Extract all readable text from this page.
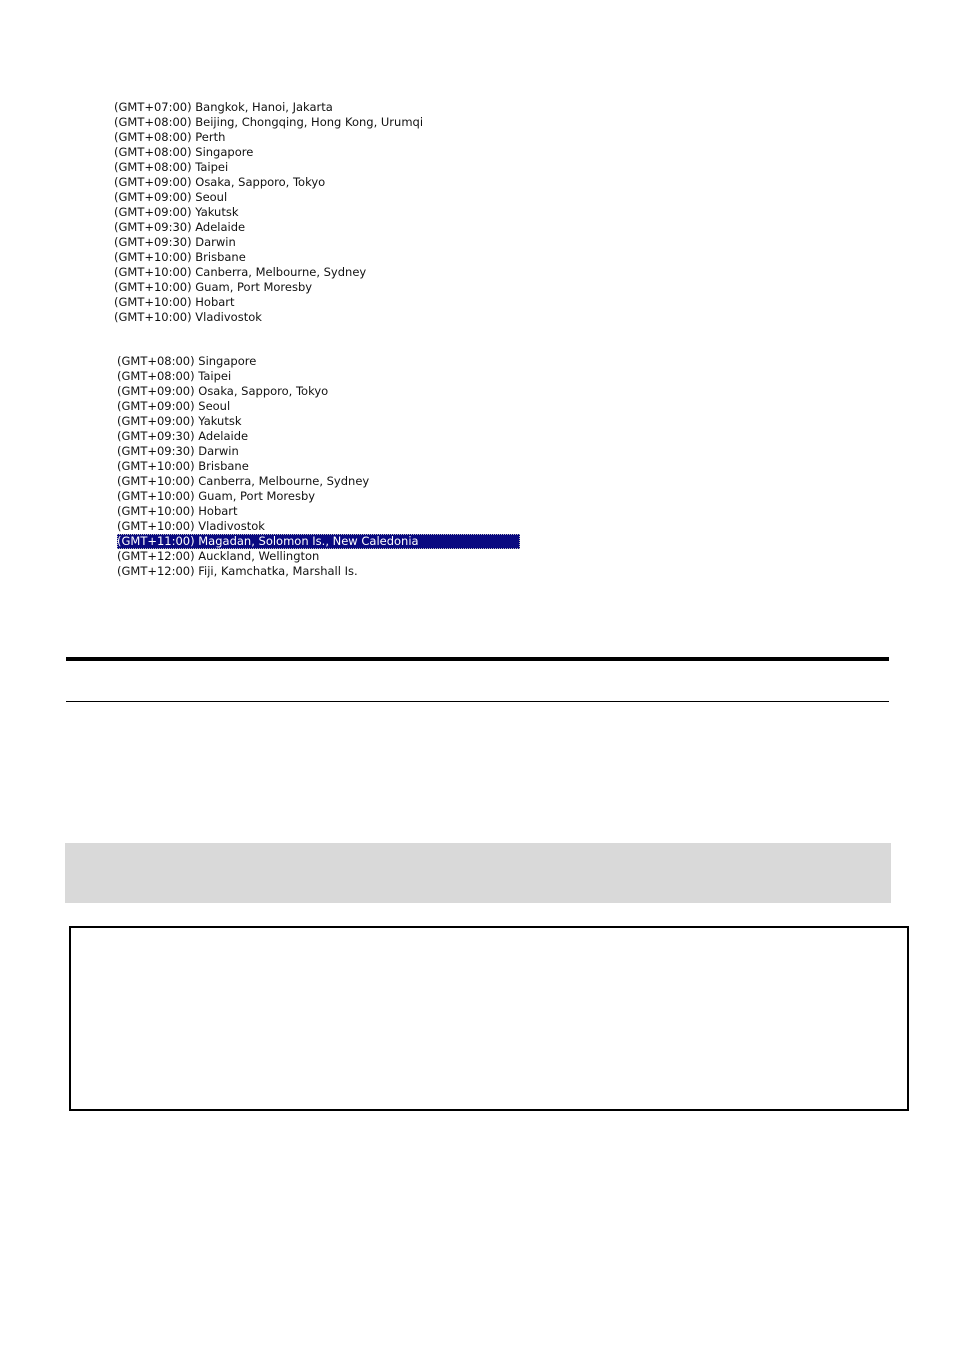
(GMT+07:00) Bangkok, Hanoi, Jakarta
(GMT+08:00) Beijing, Chongqing, Hong Kong, Urumqi
(GMT+08:00) Perth
(GMT+08:00) Singapore
(GMT+08:00) Taipei
(GMT+09:00) Osaka, Sapporo, Tokyo
(GMT+09:00) Seoul
(GMT+09:00) Yakutsk
(GMT+09:30) Adelaide
(GMT+09:30) Darwin
(GMT+10:00) Brisbane
(GMT+10:00) Canberra, Melbourne, Sydney
(GMT+10:00) Guam, Port Moresby
(GMT+10:00) Hobart
(GMT+10:00) Vladivostok
(GMT+08:00) Singapore
(GMT+08:00) Taipei
(GMT+09:00) Osaka, Sapporo, Tokyo
(GMT+09:00) Seoul
(GMT+09:00) Yakutsk
(GMT+09:30) Adelaide
(GMT+09:30) Darwin
(GMT+10:00) Brisbane
(GMT+10:00) Canberra, Melbourne, Sydney
(GMT+10:00) Guam, Port Moresby
(GMT+10:00) Hobart
(GMT+10:00) Vladivostok
(GMT+11:00) Magadan, Solomon Is., New Caledonia
(GMT+12:00) Auckland, Wellington
(GMT+12:00) Fiji, Kamchatka, Marshall Is.
